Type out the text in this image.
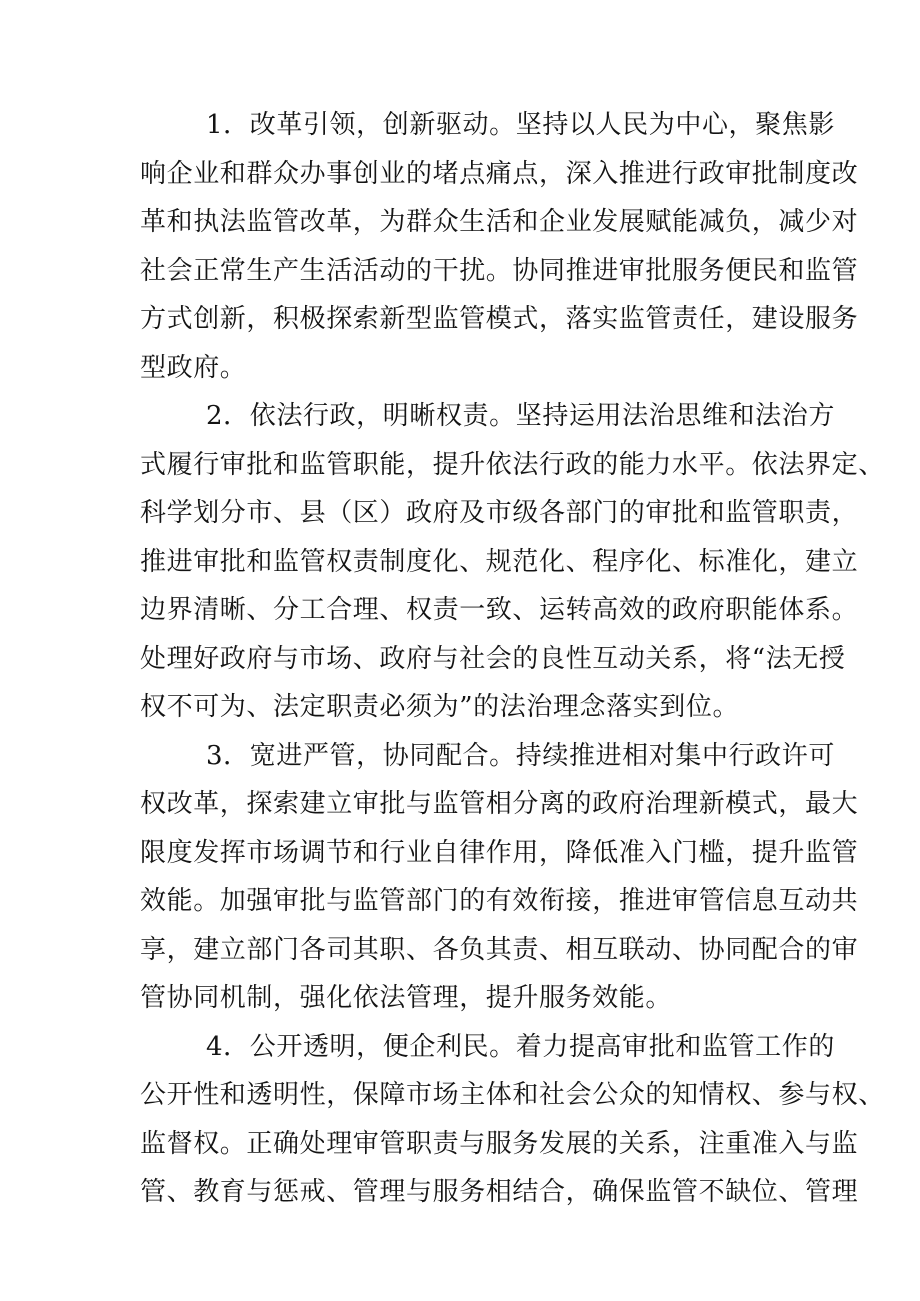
1．改革引领，创新驱动。坚持以人民为中心，聚焦影
响企业和群众办事创业的堵点痛点，深入推进行政审批制度改
革和执法监管改革，为群众生活和企业发展赋能减负，减少对
社会正常生产生活活动的干扰。协同推进审批服务便民和监管
方式创新，积极探索新型监管模式，落实监管责任，建设服务
型政府。
2．依法行政，明晰权责。坚持运用法治思维和法治方
式履行审批和监管职能，提升依法行政的能力水平。依法界定、
科学划分市、县（区）政府及市级各部门的审批和监管职责，
推进审批和监管权责制度化、规范化、程序化、标准化，建立
边界清晰、分工合理、权责一致、运转高效的政府职能体系。
处理好政府与市场、政府与社会的良性互动关系，将“法无授
权不可为、法定职责必须为”的法治理念落实到位。
3．宽进严管，协同配合。持续推进相对集中行政许可
权改革，探索建立审批与监管相分离的政府治理新模式，最大
限度发挥市场调节和行业自律作用，降低准入门槛，提升监管
效能。加强审批与监管部门的有效衔接，推进审管信息互动共
享，建立部门各司其职、各负其责、相互联动、协同配合的审
管协同机制，强化依法管理，提升服务效能。
4．公开透明，便企利民。着力提高审批和监管工作的
公开性和透明性，保障市场主体和社会公众的知情权、参与权、
监督权。正确处理审管职责与服务发展的关系，注重准入与监
管、教育与惩戒、管理与服务相结合，确保监管不缺位、管理
